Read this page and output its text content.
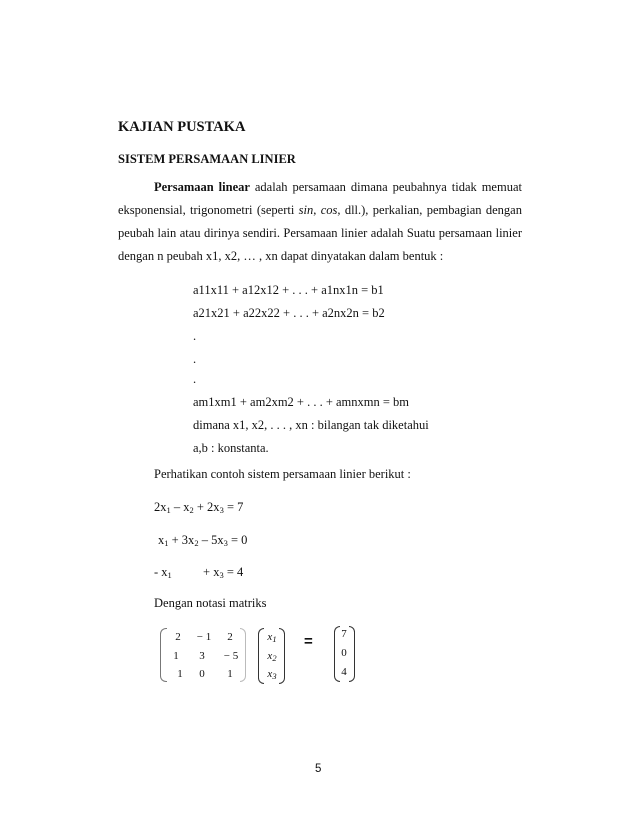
KAJIAN PUSTAKA
SISTEM PERSAMAAN LINIER
Persamaan linear adalah persamaan dimana peubahnya tidak memuat
eksponensial, trigonometri (seperti sin, cos, dll.), perkalian, pembagian dengan
peubah lain atau dirinya sendiri. Persamaan linier adalah Suatu persamaan linier
dengan n peubah x1, x2, … , xn dapat dinyatakan dalam bentuk :
a11x11 + a12x12 + . . . + a1nx1n = b1
a21x21 + a22x22 + . . . + a2nx2n = b2
.
.
.
am1xm1 + am2xm2 + . . . + amnxmn = bm
dimana x1, x2, . . . , xn : bilangan tak diketahui
a,b : konstanta.
Perhatikan contoh sistem persamaan linier berikut :
$2x_1 - x_2 + 2x_3 = 7$
$x_1 + 3x_2 - 5x_3 = 0$
- $x_1$          + $x_3 = 4$
Dengan notasi matriks
2	− 1	2
1	3	− 5
1	0	1
$x_1$
$x_2$
$x_3$
=	7
0
4
5
